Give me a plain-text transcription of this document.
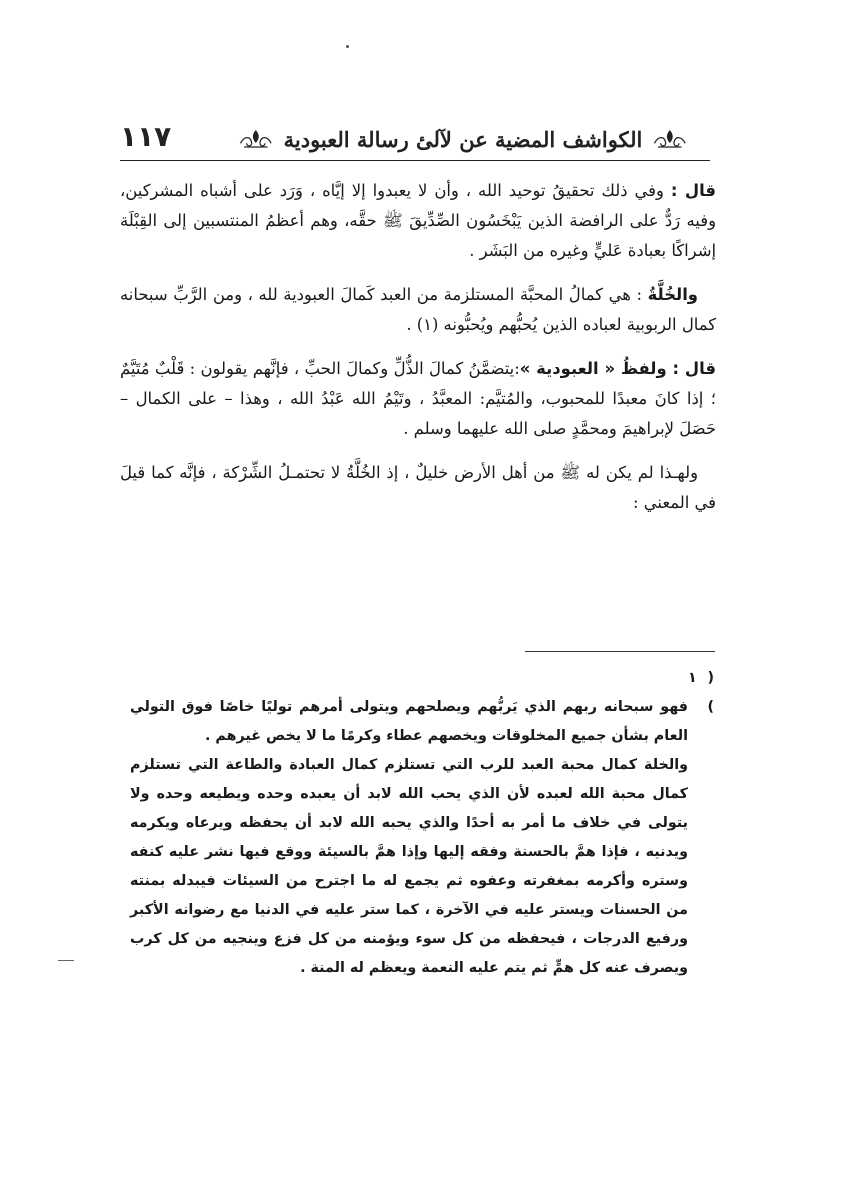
١١٧	الكواشف المضية عن لآلئ رسالة العبودية

قال : وفي ذلك تحقيقُ توحيد الله ، وأن لا يعبدوا إلا إيَّاه ، وَرَد على أشباه المشركين، وفيه رَدٌّ على الرافضة الذين يَبْخَسُون الصِّدِّيقَ ﷺ حقَّه، وهم أعظمُ المنتسبين إلى القِبْلَة إشراكًا بعبادة عَليٍّ وغيره من البَشَر .

والخُلَّةُ : هي كمالُ المحبَّة المستلزمة من العبد كَمالَ العبودية لله ، ومن الرَّبِّ سبحانه كمال الربوبية لعباده الذين يُحبُّهم ويُحبُّونه (١) .

قال : ولفظُ « العبودية »:يتضمَّنُ كمالَ الذُّلِّ وكمالَ الحبِّ ، فإنَّهم يقولون : قَلْبٌ مُتَيَّمٌ ؛ إذا كانَ معبدًا للمحبوب، والمُتيَّم: المعبَّدُ ، وتَيْمُ الله عَبْدُ الله ، وهذا – على الكمال – حَصَلَ لإبراهيمَ ومحمَّدٍ صلى الله عليهما وسلم .

ولهـذا لم يكن له ﷺ من أهل الأرض خليلٌ ، إذ الخُلَّةُ لا تحتمـلُ الشِّرْكة ، فإنَّه كما قيلَ في المعني :

( ١ )فهو سبحانه ربهم الذي يَربُّهم ويصلحهم ويتولى أمرهم توليًا خاصًا فوق التولي العام بشأن جميع المخلوقات ويخصهم عطاء وكرمًا ما لا يخص غيرهم .

والخلة كمال محبة العبد للرب التي تستلزم كمال العبادة والطاعة التي تستلزم كمال محبة الله لعبده لأن الذي يحب الله لابد أن يعبده وحده ويطيعه وحده ولا يتولى في خلاف ما أمر به أحدًا والذي يحبه الله لابد أن يحفظه ويرعاه ويكرمه ويدنيه ، فإذا همَّ بالحسنة وفقه إليها وإذا همَّ بالسيئة ووقع فيها نشر عليه كنفه وستره وأكرمه بمغفرته وعفوه ثم يجمع له ما اجترح من السيئات فيبدله بمنته من الحسنات ويستر عليه في الآخرة ، كما ستر عليه في الدنيا مع رضوانه الأكبر ورفيع الدرجات ، فيحفظه من كل سوء ويؤمنه من كل فزع وينجيه من كل كرب ويصرف عنه كل همٍّ ثم يتم عليه النعمة ويعظم له المنة .
